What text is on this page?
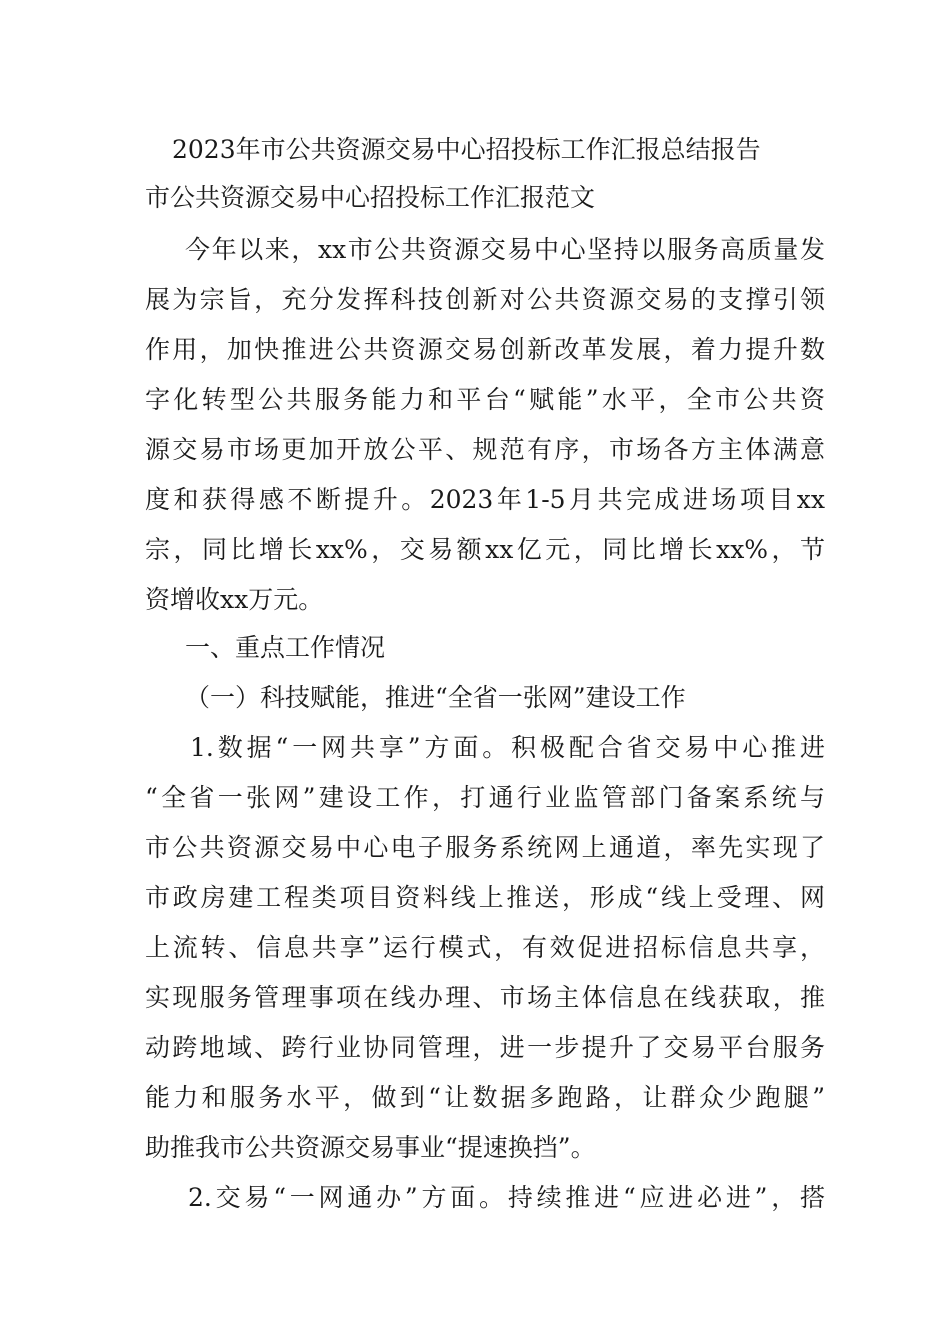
2023年市公共资源交易中心招投标工作汇报总结报告
市公共资源交易中心招投标工作汇报范文
今年以来，xx市公共资源交易中心坚持以服务高质量发
展为宗旨，充分发挥科技创新对公共资源交易的支撑引领
作用，加快推进公共资源交易创新改革发展，着力提升数
字化转型公共服务能力和平台“赋能”水平，全市公共资
源交易市场更加开放公平、规范有序，市场各方主体满意
度和获得感不断提升。2023年1-5月共完成进场项目xx
宗，同比增长xx%，交易额xx亿元，同比增长xx%，节
资增收xx万元。
一、重点工作情况
（一）科技赋能，推进“全省一张网”建设工作
1.数据“一网共享”方面。积极配合省交易中心推进
“全省一张网”建设工作，打通行业监管部门备案系统与
市公共资源交易中心电子服务系统网上通道，率先实现了
市政房建工程类项目资料线上推送，形成“线上受理、网
上流转、信息共享”运行模式，有效促进招标信息共享，
实现服务管理事项在线办理、市场主体信息在线获取，推
动跨地域、跨行业协同管理，进一步提升了交易平台服务
能力和服务水平，做到“让数据多跑路，让群众少跑腿”
助推我市公共资源交易事业“提速换挡”。
2.交易“一网通办”方面。持续推进“应进必进”，搭
